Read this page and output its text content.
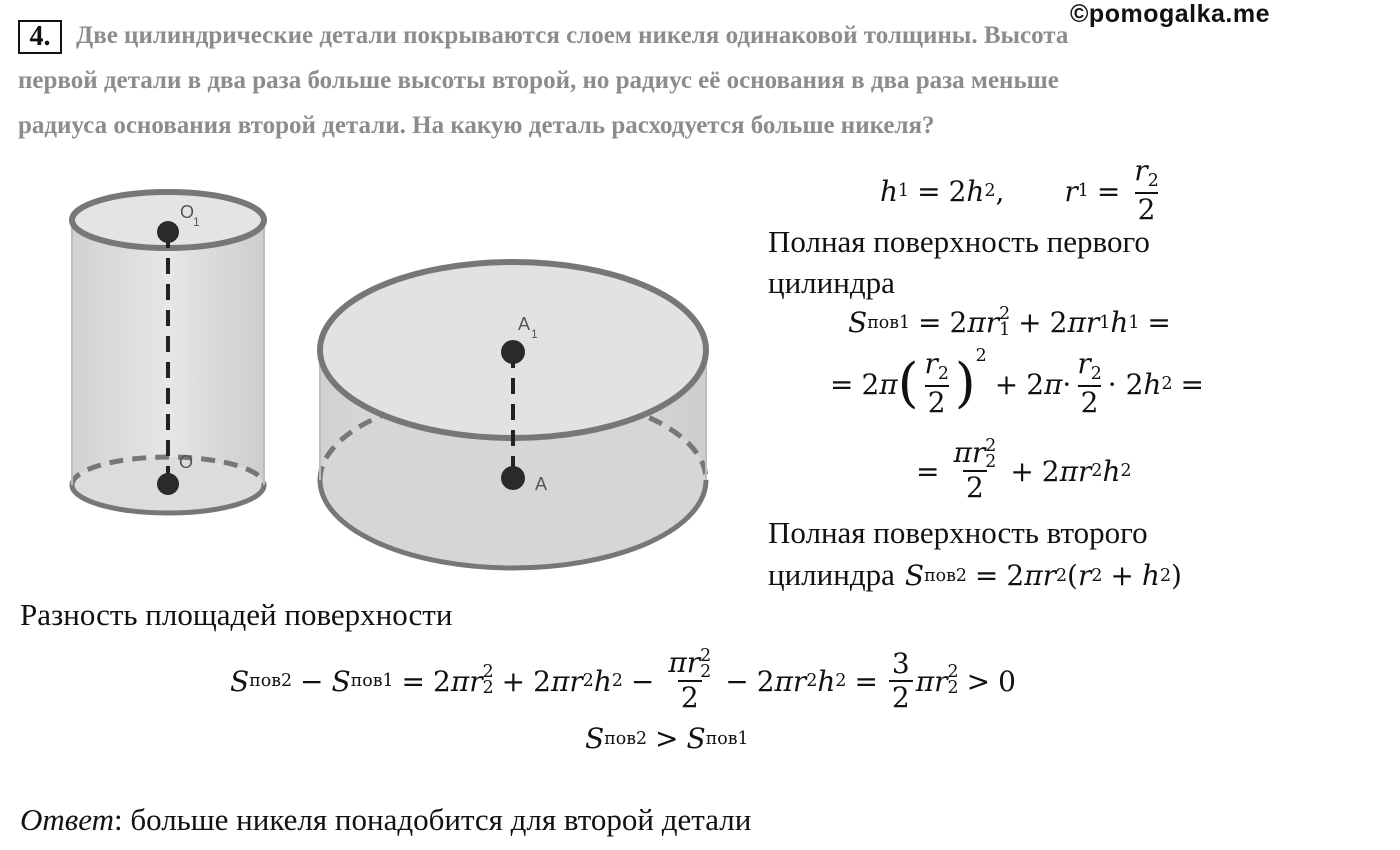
©pomogalka.me
4.	Две цилиндрические детали покрываются слоем никеля одинаковой толщины. Высота
первой детали в два раза больше высоты второй, но радиус её основания в два раза меньше
радиуса основания второй детали. На какую деталь расходуется больше никеля?
O
1
O
A 1
A
h 1 = 2 h 2 , r $1 = \frac{r_2}{2}$
Полная поверхность первого
цилиндра
S пов1 = 2 π r 2
1 + 2 π r 1 h 1 =
= 2 π ( $\frac{r_2}{2}$ ) 2
+ 2 $\pi \cdot \frac{r_2}{2} \cdot 2$ h 2 =
= πr 2
2
2 + 2 π r 2 h 2
Полная поверхность второго
цилиндра S пов2 = 2 π r 2 ( r 2 + h 2 )
Разность площадей поверхности
S пов2 − S пов1 = 2 π r 2
2 + 2 π r 2 h 2 − πr 2
2
2 − 2 π r 2 h $2 = \frac{3}{2}$ π r 2
2 > 0
S пов2 > S пов1
Ответ: больше никеля понадобится для второй детали
